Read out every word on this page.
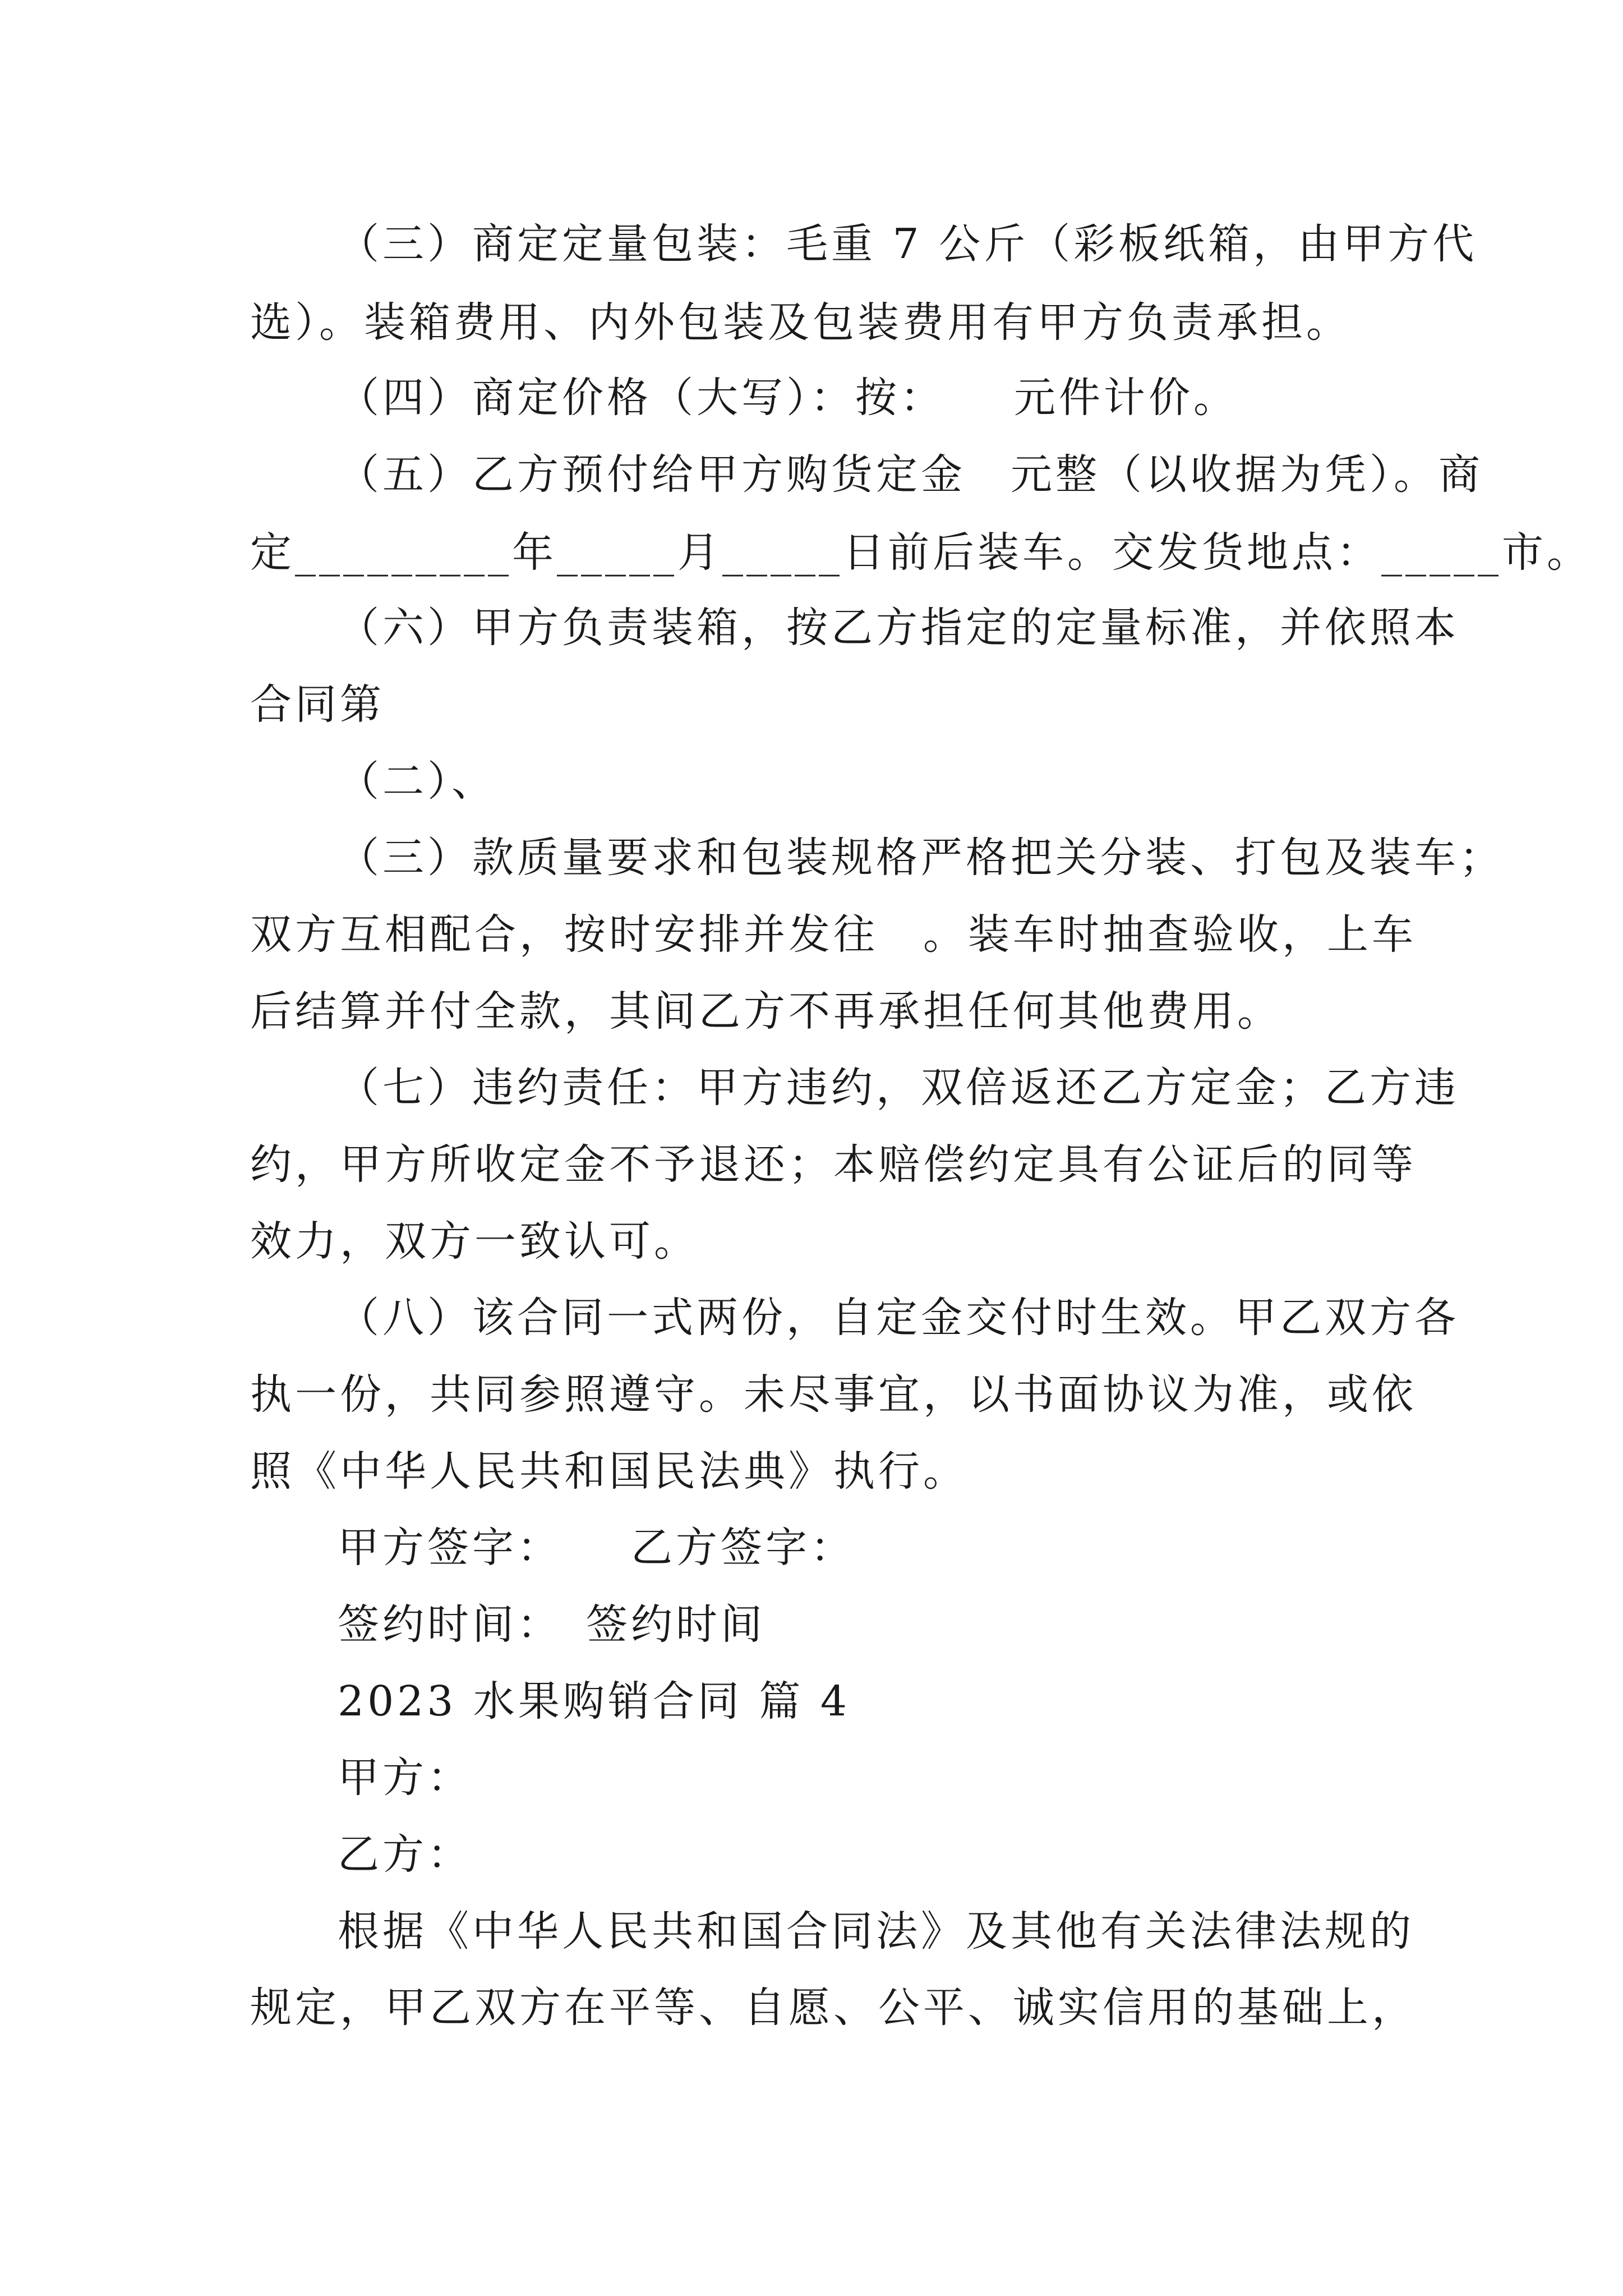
（三）商定定量包装：毛重 7 公斤（彩板纸箱，由甲方代
选）。装箱费用、内外包装及包装费用有甲方负责承担。
（四）商定价格（大写）：按：　　元件计价。
（五）乙方预付给甲方购货定金　元整（以收据为凭）。商
定_________年_____月_____日前后装车。交发货地点：_____市。
（六）甲方负责装箱，按乙方指定的定量标准，并依照本
合同第
（二）、
（三）款质量要求和包装规格严格把关分装、打包及装车；
双方互相配合，按时安排并发往　。装车时抽查验收，上车
后结算并付全款，其间乙方不再承担任何其他费用。
（七）违约责任：甲方违约，双倍返还乙方定金；乙方违
约，甲方所收定金不予退还；本赔偿约定具有公证后的同等
效力，双方一致认可。
（八）该合同一式两份，自定金交付时生效。甲乙双方各
执一份，共同参照遵守。未尽事宜，以书面协议为准，或依
照《中华人民共和国民法典》执行。
甲方签字：　　乙方签字：
签约时间：　签约时间
2023 水果购销合同 篇 4
甲方：
乙方：
根据《中华人民共和国合同法》及其他有关法律法规的
规定，甲乙双方在平等、自愿、公平、诚实信用的基础上，
